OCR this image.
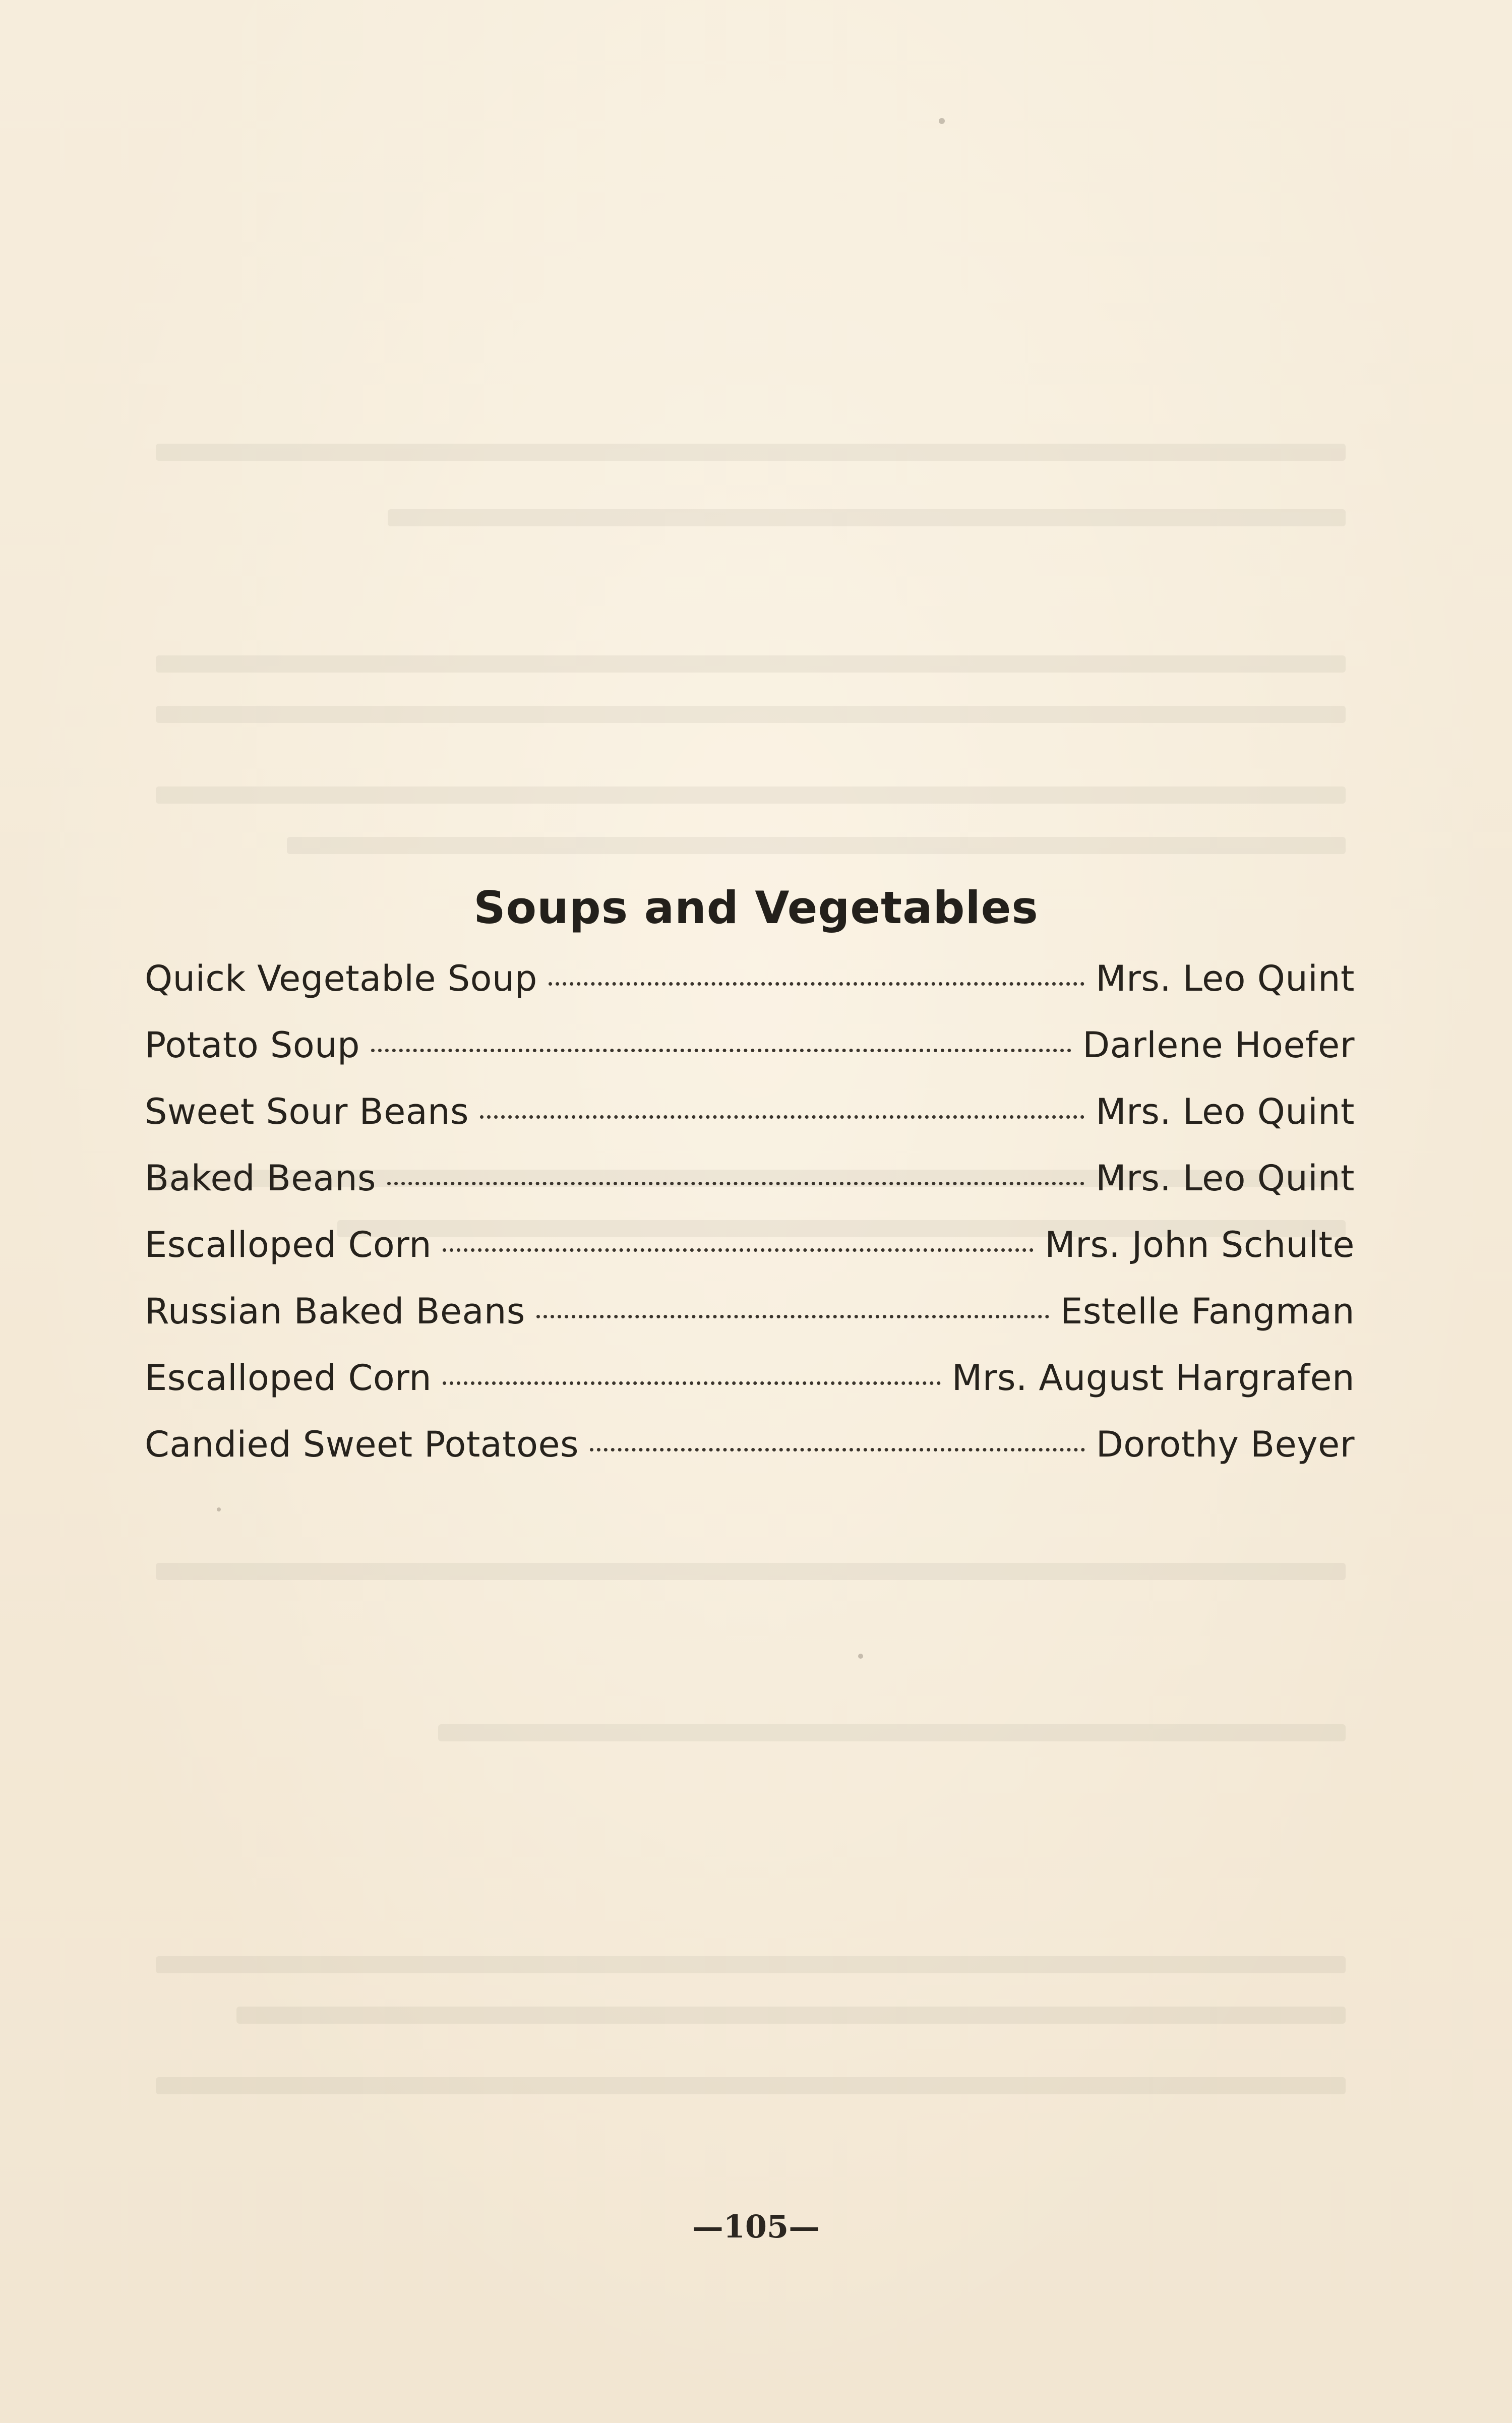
Soups and Vegetables
Quick Vegetable Soup	Mrs. Leo Quint
Potato Soup	Darlene Hoefer
Sweet Sour Beans	Mrs. Leo Quint
Baked Beans	Mrs. Leo Quint
Escalloped Corn	Mrs. John Schulte
Russian Baked Beans	Estelle Fangman
Escalloped Corn	Mrs. August Hargrafen
Candied Sweet Potatoes	Dorothy Beyer
—105—
